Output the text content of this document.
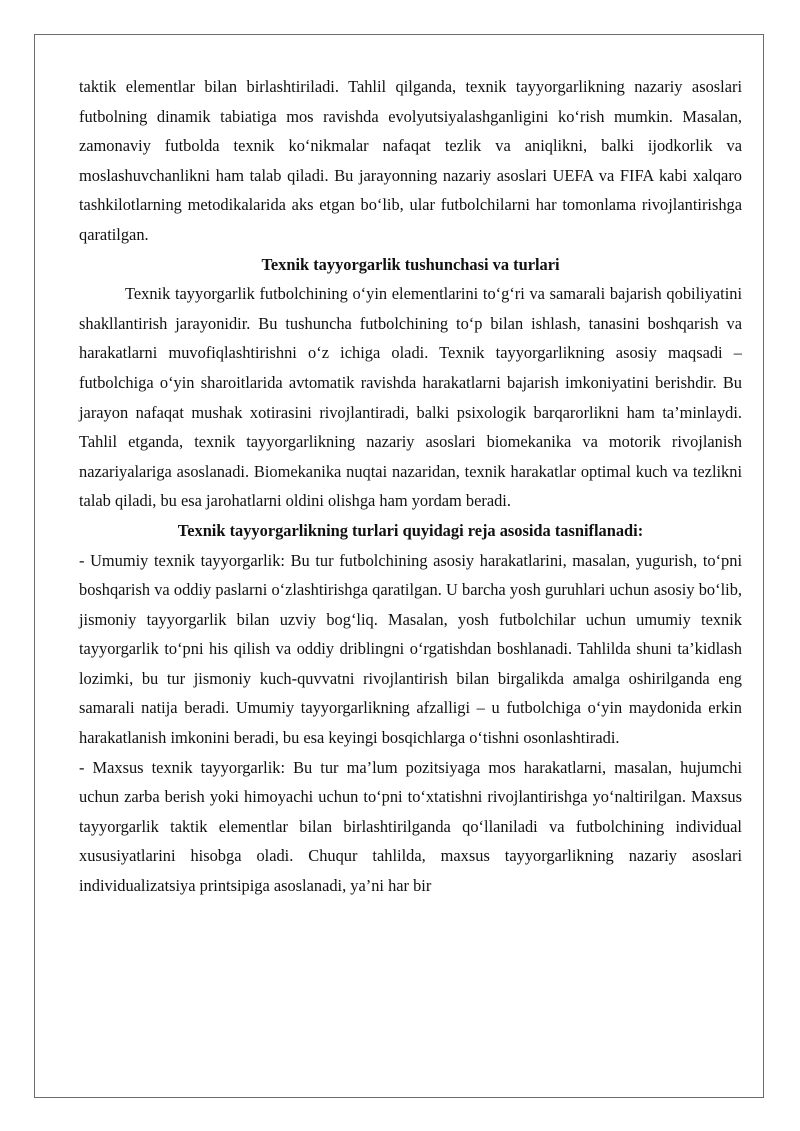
taktik elementlar bilan birlashtiriladi. Tahlil qilganda, texnik tayyorgarlikning nazariy asoslari futbolning dinamik tabiatiga mos ravishda evolyutsiyalashganligini ko‘rish mumkin. Masalan, zamonaviy futbolda texnik ko‘nikmalar nafaqat tezlik va aniqlikni, balki ijodkorlik va moslashuvchanlikni ham talab qiladi. Bu jarayonning nazariy asoslari UEFA va FIFA kabi xalqaro tashkilotlarning metodikalarida aks etgan bo‘lib, ular futbolchilarni har tomonlama rivojlantirishga qaratilgan.

Texnik tayyorgarlik tushunchasi va turlari

Texnik tayyorgarlik futbolchining o‘yin elementlarini to‘g‘ri va samarali bajarish qobiliyatini shakllantirish jarayonidir. Bu tushuncha futbolchining to‘p bilan ishlash, tanasini boshqarish va harakatlarni muvofiqlashtirishni o‘z ichiga oladi. Texnik tayyorgarlikning asosiy maqsadi – futbolchiga o‘yin sharoitlarida avtomatik ravishda harakatlarni bajarish imkoniyatini berishdir. Bu jarayon nafaqat mushak xotirasini rivojlantiradi, balki psixologik barqarorlikni ham ta’minlaydi. Tahlil etganda, texnik tayyorgarlikning nazariy asoslari biomekanika va motorik rivojlanish nazariyalariga asoslanadi. Biomekanika nuqtai nazaridan, texnik harakatlar optimal kuch va tezlikni talab qiladi, bu esa jarohatlarni oldini olishga ham yordam beradi.

Texnik tayyorgarlikning turlari quyidagi reja asosida tasniflanadi:

- Umumiy texnik tayyorgarlik: Bu tur futbolchining asosiy harakatlarini, masalan, yugurish, to‘pni boshqarish va oddiy paslarni o‘zlashtirishga qaratilgan. U barcha yosh guruhlari uchun asosiy bo‘lib, jismoniy tayyorgarlik bilan uzviy bog‘liq. Masalan, yosh futbolchilar uchun umumiy texnik tayyorgarlik to‘pni his qilish va oddiy driblingni o‘rgatishdan boshlanadi. Tahlilda shuni ta’kidlash lozimki, bu tur jismoniy kuch-quvvatni rivojlantirish bilan birgalikda amalga oshirilganda eng samarali natija beradi. Umumiy tayyorgarlikning afzalligi – u futbolchiga o‘yin maydonida erkin harakatlanish imkonini beradi, bu esa keyingi bosqichlarga o‘tishni osonlashtiradi.

- Maxsus texnik tayyorgarlik: Bu tur ma’lum pozitsiyaga mos harakatlarni, masalan, hujumchi uchun zarba berish yoki himoyachi uchun to‘pni to‘xtatishni rivojlantirishga yo‘naltirilgan. Maxsus tayyorgarlik taktik elementlar bilan birlashtirilganda qo‘llaniladi va futbolchining individual xususiyatlarini hisobga oladi. Chuqur tahlilda, maxsus tayyorgarlikning nazariy asoslari individualizatsiya printsipiga asoslanadi, ya’ni har bir
